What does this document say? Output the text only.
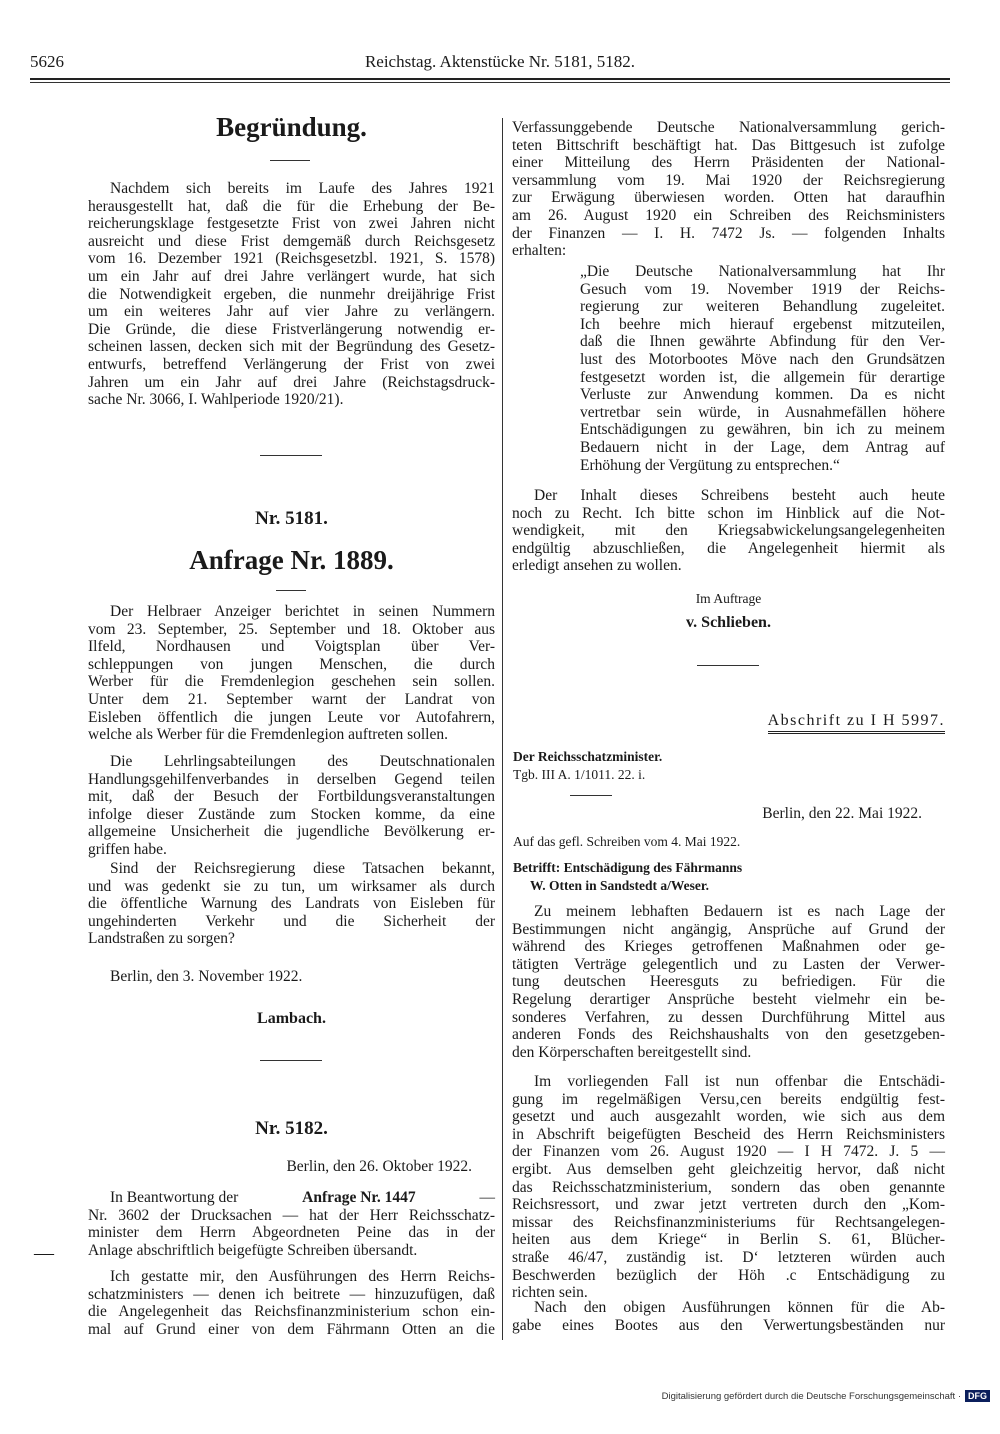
5626	Reichstag. Aktenstücke Nr. 5181, 5182.
Begründung.
Nachdem sich bereits im Laufe des Jahres 1921
herausgestellt hat, daß die für die Erhebung der Be-
reicherungsklage festgesetzte Frist von zwei Jahren nicht
ausreicht und diese Frist demgemäß durch Reichsgesetz
vom 16. Dezember 1921 (Reichsgesetzbl. 1921, S. 1578)
um ein Jahr auf drei Jahre verlängert wurde, hat sich
die Notwendigkeit ergeben, die nunmehr dreijährige Frist
um ein weiteres Jahr auf vier Jahre zu verlängern.
Die Gründe, die diese Fristverlängerung notwendig er-
scheinen lassen, decken sich mit der Begründung des Gesetz-
entwurfs, betreffend Verlängerung der Frist von zwei
Jahren um ein Jahr auf drei Jahre (Reichstagsdruck-
sache Nr. 3066, I. Wahlperiode 1920/21).
Nr. 5181.
Anfrage Nr. 1889.
Der Helbraer Anzeiger berichtet in seinen Nummern
vom 23. September, 25. September und 18. Oktober aus
Ilfeld, Nordhausen und Voigtsplan über Ver-
schleppungen von jungen Menschen, die durch
Werber für die Fremdenlegion geschehen sein sollen.
Unter dem 21. September warnt der Landrat von
Eisleben öffentlich die jungen Leute vor Autofahrern,
welche als Werber für die Fremdenlegion auftreten sollen.
Die Lehrlingsabteilungen des Deutschnationalen
Handlungsgehilfenverbandes in derselben Gegend teilen
mit, daß der Besuch der Fortbildungsveranstaltungen
infolge dieser Zustände zum Stocken komme, da eine
allgemeine Unsicherheit die jugendliche Bevölkerung er-
griffen habe.
Sind der Reichsregierung diese Tatsachen bekannt,
und was gedenkt sie zu tun, um wirksamer als durch
die öffentliche Warnung des Landrats von Eisleben für
ungehinderten Verkehr und die Sicherheit der
Landstraßen zu sorgen?
Berlin, den 3. November 1922.
Lambach.
Nr. 5182.
Berlin, den 26. Oktober 1922.
In Beantwortung der	Anfrage Nr. 1447	—
Nr. 3602 der Drucksachen — hat der Herr Reichsschatz-
minister dem Herrn Abgeordneten Peine das in der
Anlage abschriftlich beigefügte Schreiben übersandt.
—
Ich gestatte mir, den Ausführungen des Herrn Reichs-
schatzministers — denen ich beitrete — hinzuzufügen, daß
die Angelegenheit das Reichsfinanzministerium schon ein-
mal auf Grund einer von dem Fährmann Otten an die
Verfassunggebende Deutsche Nationalversammlung gerich-
teten Bittschrift beschäftigt hat. Das Bittgesuch ist zufolge
einer Mitteilung des Herrn Präsidenten der National-
versammlung vom 19. Mai 1920 der Reichsregierung
zur Erwägung überwiesen worden. Otten hat daraufhin
am 26. August 1920 ein Schreiben des Reichsministers
der Finanzen — I. H. 7472 Js. — folgenden Inhalts
erhalten:
„Die Deutsche Nationalversammlung hat Ihr
Gesuch vom 19. November 1919 der Reichs-
regierung zur weiteren Behandlung zugeleitet.
Ich beehre mich hierauf ergebenst mitzuteilen,
daß die Ihnen gewährte Abfindung für den Ver-
lust des Motorbootes Möve nach den Grundsätzen
festgesetzt worden ist, die allgemein für derartige
Verluste zur Anwendung kommen. Da es nicht
vertretbar sein würde, in Ausnahmefällen höhere
Entschädigungen zu gewähren, bin ich zu meinem
Bedauern nicht in der Lage, dem Antrag auf
Erhöhung der Vergütung zu entsprechen.“
Der Inhalt dieses Schreibens besteht auch heute
noch zu Recht. Ich bitte schon im Hinblick auf die Not-
wendigkeit, mit den Kriegsabwickelungsangelegenheiten
endgültig abzuschließen, die Angelegenheit hiermit als
erledigt ansehen zu wollen.
Im Auftrage
v. Schlieben.
Abschrift zu I H 5997.
Der Reichsschatzminister.
Tgb. III A. 1/1011. 22. i.
Berlin, den 22. Mai 1922.
Auf das gefl. Schreiben vom 4. Mai 1922.
Betrifft: Entschädigung des Fährmanns
W. Otten in Sandstedt a/Weser.
Zu meinem lebhaften Bedauern ist es nach Lage der
Bestimmungen nicht angängig, Ansprüche auf Grund der
während des Krieges getroffenen Maßnahmen oder ge-
tätigten Verträge gelegentlich und zu Lasten der Verwer-
tung deutschen Heeresguts zu befriedigen. Für die
Regelung derartiger Ansprüche besteht vielmehr ein be-
sonderes Verfahren, zu dessen Durchführung Mittel aus
anderen Fonds des Reichshaushalts von den gesetzgeben-
den Körperschaften bereitgestellt sind.
Im vorliegenden Fall ist nun offenbar die Entschädi-
gung im regelmäßigen Versu‚cen bereits endgültig fest-
gesetzt und auch ausgezahlt worden, wie sich aus dem
in Abschrift beigefügten Bescheid des Herrn Reichsministers
der Finanzen vom 26. August 1920 — I H 7472. J. 5 —
ergibt. Aus demselben geht gleichzeitig hervor, daß nicht
das Reichsschatzministerium, sondern das oben genannte
Reichsressort, und zwar jetzt vertreten durch den „Kom-
missar des Reichsfinanzministeriums für Rechtsangelegen-
heiten aus dem Kriege“ in Berlin S. 61, Blücher-
straße 46/47, zuständig ist. D‘ letzteren würden auch
Beschwerden bezüglich der Höh .c Entschädigung zu
richten sein.
Nach den obigen Ausführungen können für die Ab-
gabe eines Bootes aus den Verwertungsbeständen nur
Digitalisierung gefördert durch die Deutsche Forschungsgemeinschaft · DFG
